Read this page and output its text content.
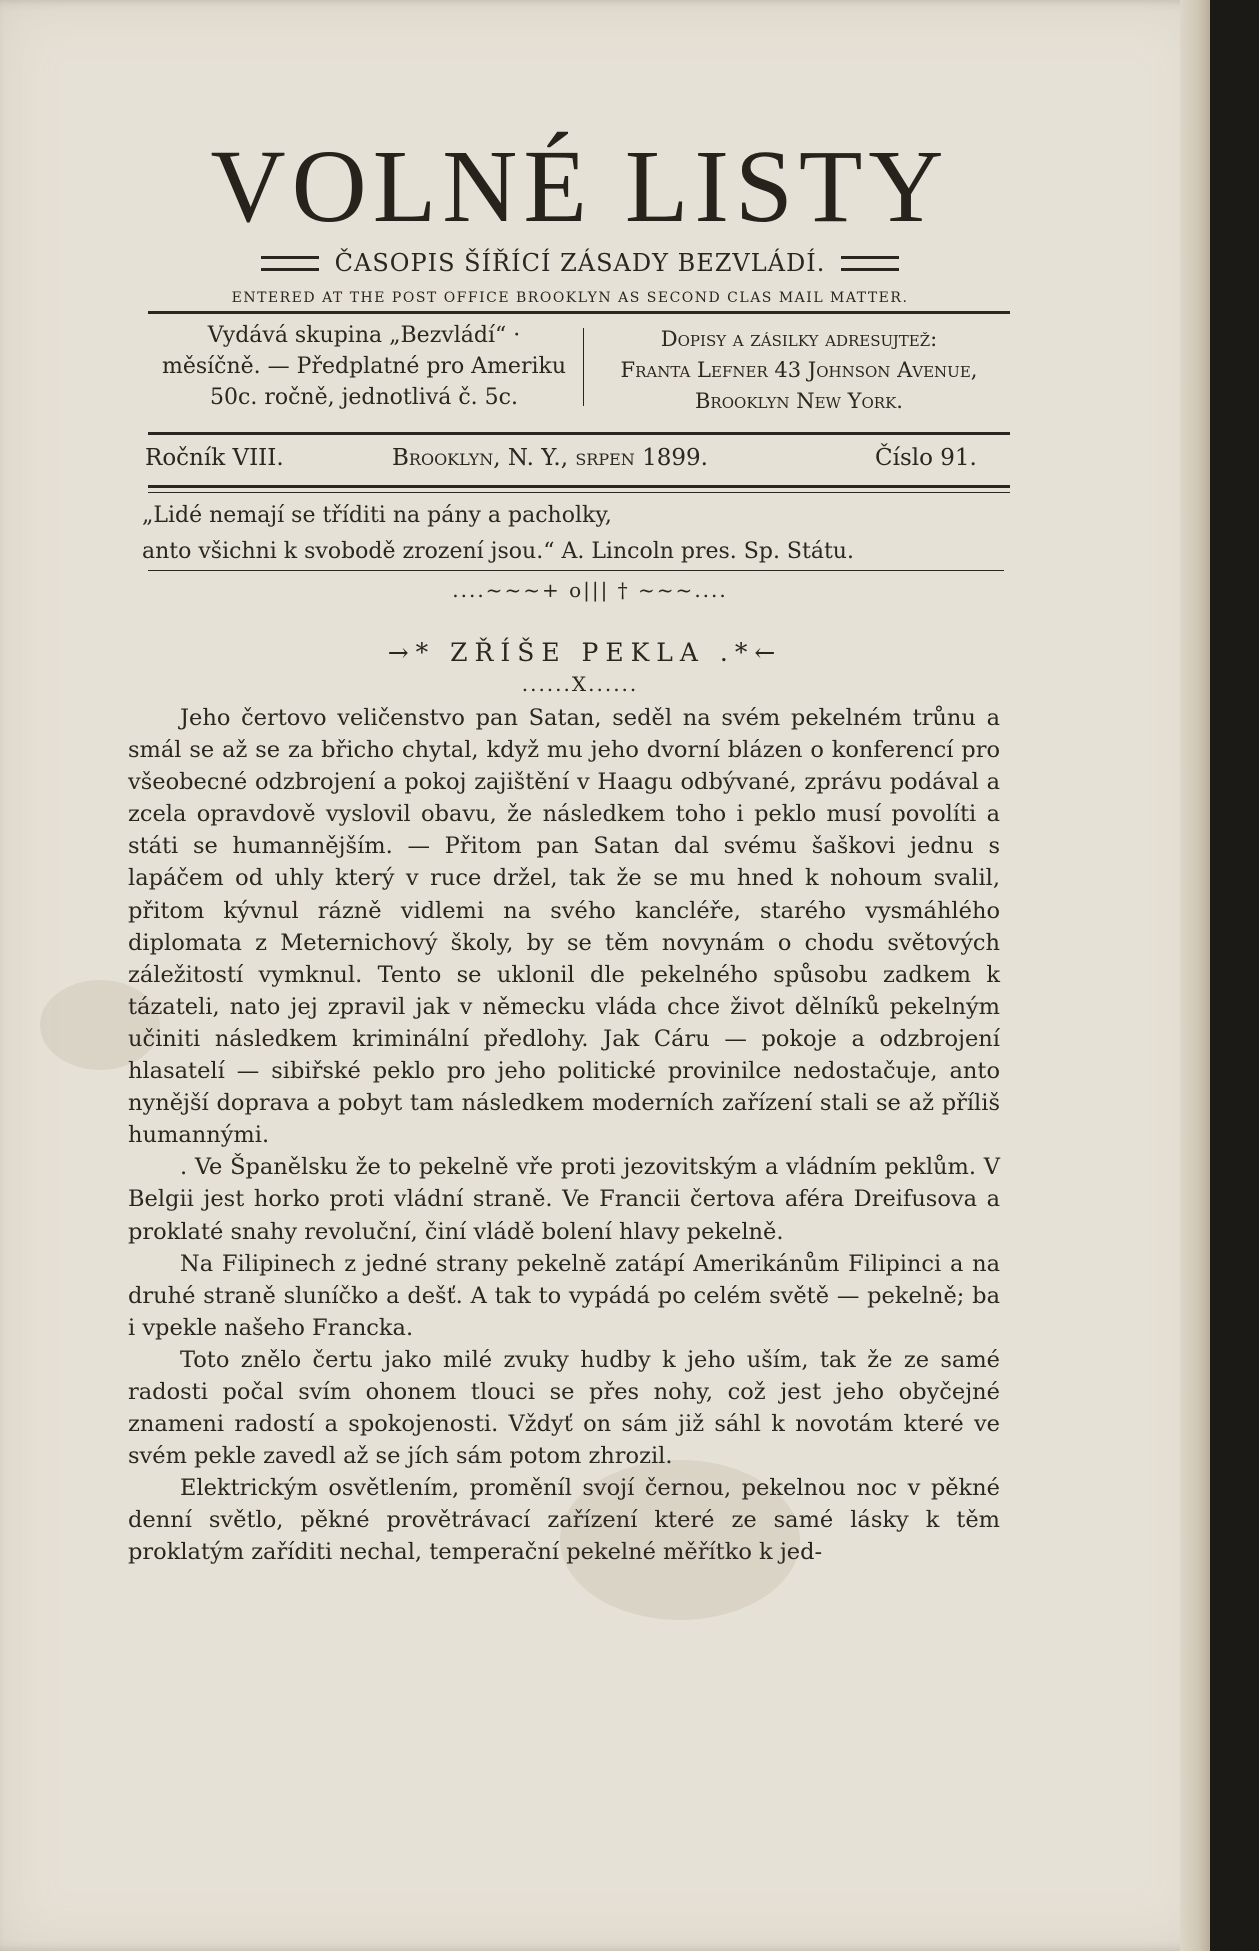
VOLNÉ LISTY
ČASOPIS ŠÍŘÍCÍ ZÁSADY BEZVLÁDÍ.
ENTERED AT THE POST OFFICE BROOKLYN AS SECOND CLAS MAIL MATTER.
Vydává skupina „Bezvládí“ ·
měsíčně. — Předplatné pro Ameriku
50c. ročně, jednotlivá č. 5c.
Dopisy a zásilky adresujtež:
Franta Lefner 43 Johnson Avenue,
Brooklyn New York.
Ročník VIII.	Brooklyn, N. Y., srpen 1899.	Číslo 91.
„Lidé nemají se tříditi na pány a pacholky,
anto všichni k svobodě zrození jsou.“ A. Lincoln pres. Sp. Státu.
....~~~+ o||| † ~~~....
→* ZŘÍŠE PEKLA .*←
......X......

Jeho čertovo veličenstvo pan Satan, seděl na svém pekelném trůnu a smál se až se za břicho chytal, když mu jeho dvorní blázen o konferencí pro všeobecné odzbrojení a pokoj zajištění v Haagu odbývané, zprávu podával a zcela opravdově vyslovil obavu, že následkem toho i peklo musí povolíti a státi se humannějším. — Přitom pan Satan dal svému šaškovi jednu s lapáčem od uhly který v ruce držel, tak že se mu hned k nohoum svalil, přitom kývnul rázně vidlemi na svého kancléře, starého vysmáhlého diplomata z Meternichový školy, by se těm novynám o chodu světových záležitostí vymknul. Tento se uklonil dle pekelného spůsobu zadkem k tázateli, nato jej zpravil jak v německu vláda chce život dělníků pekelným učiniti následkem kriminální předlohy. Jak Cáru — pokoje a odzbrojení hlasatelí — sibiřské peklo pro jeho politické provinilce nedostačuje, anto nynější doprava a pobyt tam následkem moderních zařízení stali se až příliš humannými.

. Ve Španělsku že to pekelně vře proti jezovitským a vládním peklům. V Belgii jest horko proti vládní straně. Ve Francii čertova aféra Dreifusova a proklaté snahy revoluční, činí vládě bolení hlavy pekelně.

Na Filipinech z jedné strany pekelně zatápí Amerikánům Filipinci a na druhé straně sluníčko a dešť. A tak to vypádá po celém světě — pekelně; ba i vpekle našeho Francka.

Toto znělo čertu jako milé zvuky hudby k jeho uším, tak že ze samé radosti počal svím ohonem tlouci se přes nohy, což jest jeho obyčejné znameni radostí a spokojenosti. Vždyť on sám již sáhl k novotám které ve svém pekle zavedl až se jích sám potom zhrozil.

Elektrickým osvětlením, proměníl svojí černou, pekelnou noc v pěkné denní světlo, pěkné provětrávací zařízení které ze samé lásky k těm proklatým zaříditi nechal, temperační pekelné měřítko k jed-
